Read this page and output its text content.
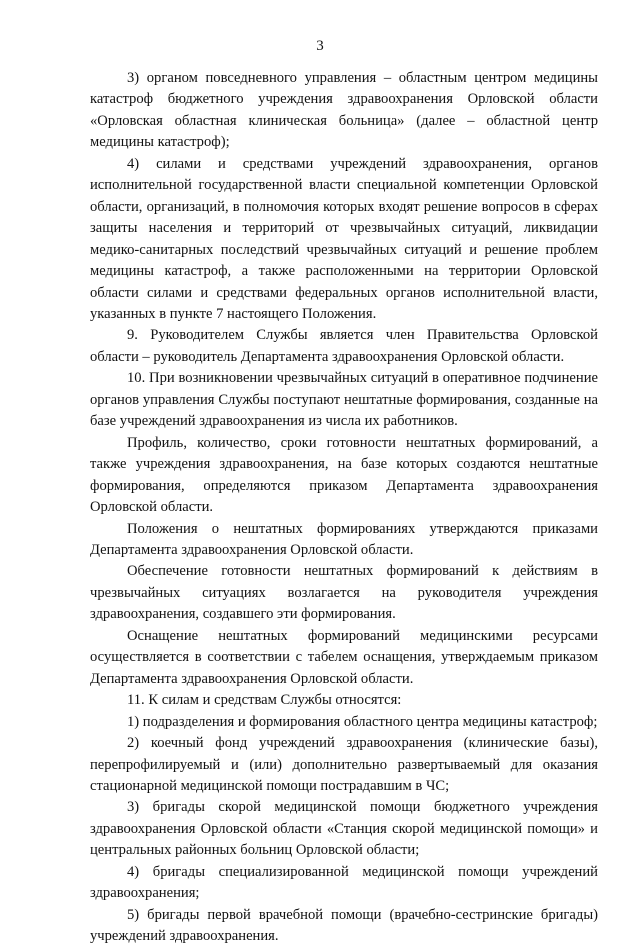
3

3) органом повседневного управления – областным центром медицины катастроф бюджетного учреждения здравоохранения Орловской области «Орловская областная клиническая больница» (далее – областной центр медицины катастроф);

4) силами и средствами учреждений здравоохранения, органов исполнительной государственной власти специальной компетенции Орловской области, организаций, в полномочия которых входят решение вопросов в сферах защиты населения и территорий от чрезвычайных ситуаций, ликвидации медико-санитарных последствий чрезвычайных ситуаций и решение проблем медицины катастроф, а также расположенными на территории Орловской области силами и средствами федеральных органов исполнительной власти, указанных в пункте 7 настоящего Положения.

9. Руководителем Службы является член Правительства Орловской области – руководитель Департамента здравоохранения Орловской области.

10. При возникновении чрезвычайных ситуаций в оперативное подчинение органов управления Службы поступают нештатные формирования, созданные на базе учреждений здравоохранения из числа их работников.

Профиль, количество, сроки готовности нештатных формирований, а также учреждения здравоохранения, на базе которых создаются нештатные формирования, определяются приказом Департамента здравоохранения Орловской области.

Положения о нештатных формированиях утверждаются приказами Департамента здравоохранения Орловской области.

Обеспечение готовности нештатных формирований к действиям в чрезвычайных ситуациях возлагается на руководителя учреждения здравоохранения, создавшего эти формирования.

Оснащение нештатных формирований медицинскими ресурсами осуществляется в соответствии с табелем оснащения, утверждаемым приказом Департамента здравоохранения Орловской области.

11. К силам и средствам Службы относятся:

1) подразделения и формирования областного центра медицины катастроф;

2) коечный фонд учреждений здравоохранения (клинические базы), перепрофилируемый и (или) дополнительно развертываемый для оказания стационарной медицинской помощи пострадавшим в ЧС;

3) бригады скорой медицинской помощи бюджетного учреждения здравоохранения Орловской области «Станция скорой медицинской помощи» и центральных районных больниц Орловской области;

4) бригады специализированной медицинской помощи учреждений здравоохранения;

5) бригады первой врачебной помощи (врачебно-сестринские бригады) учреждений здравоохранения.
